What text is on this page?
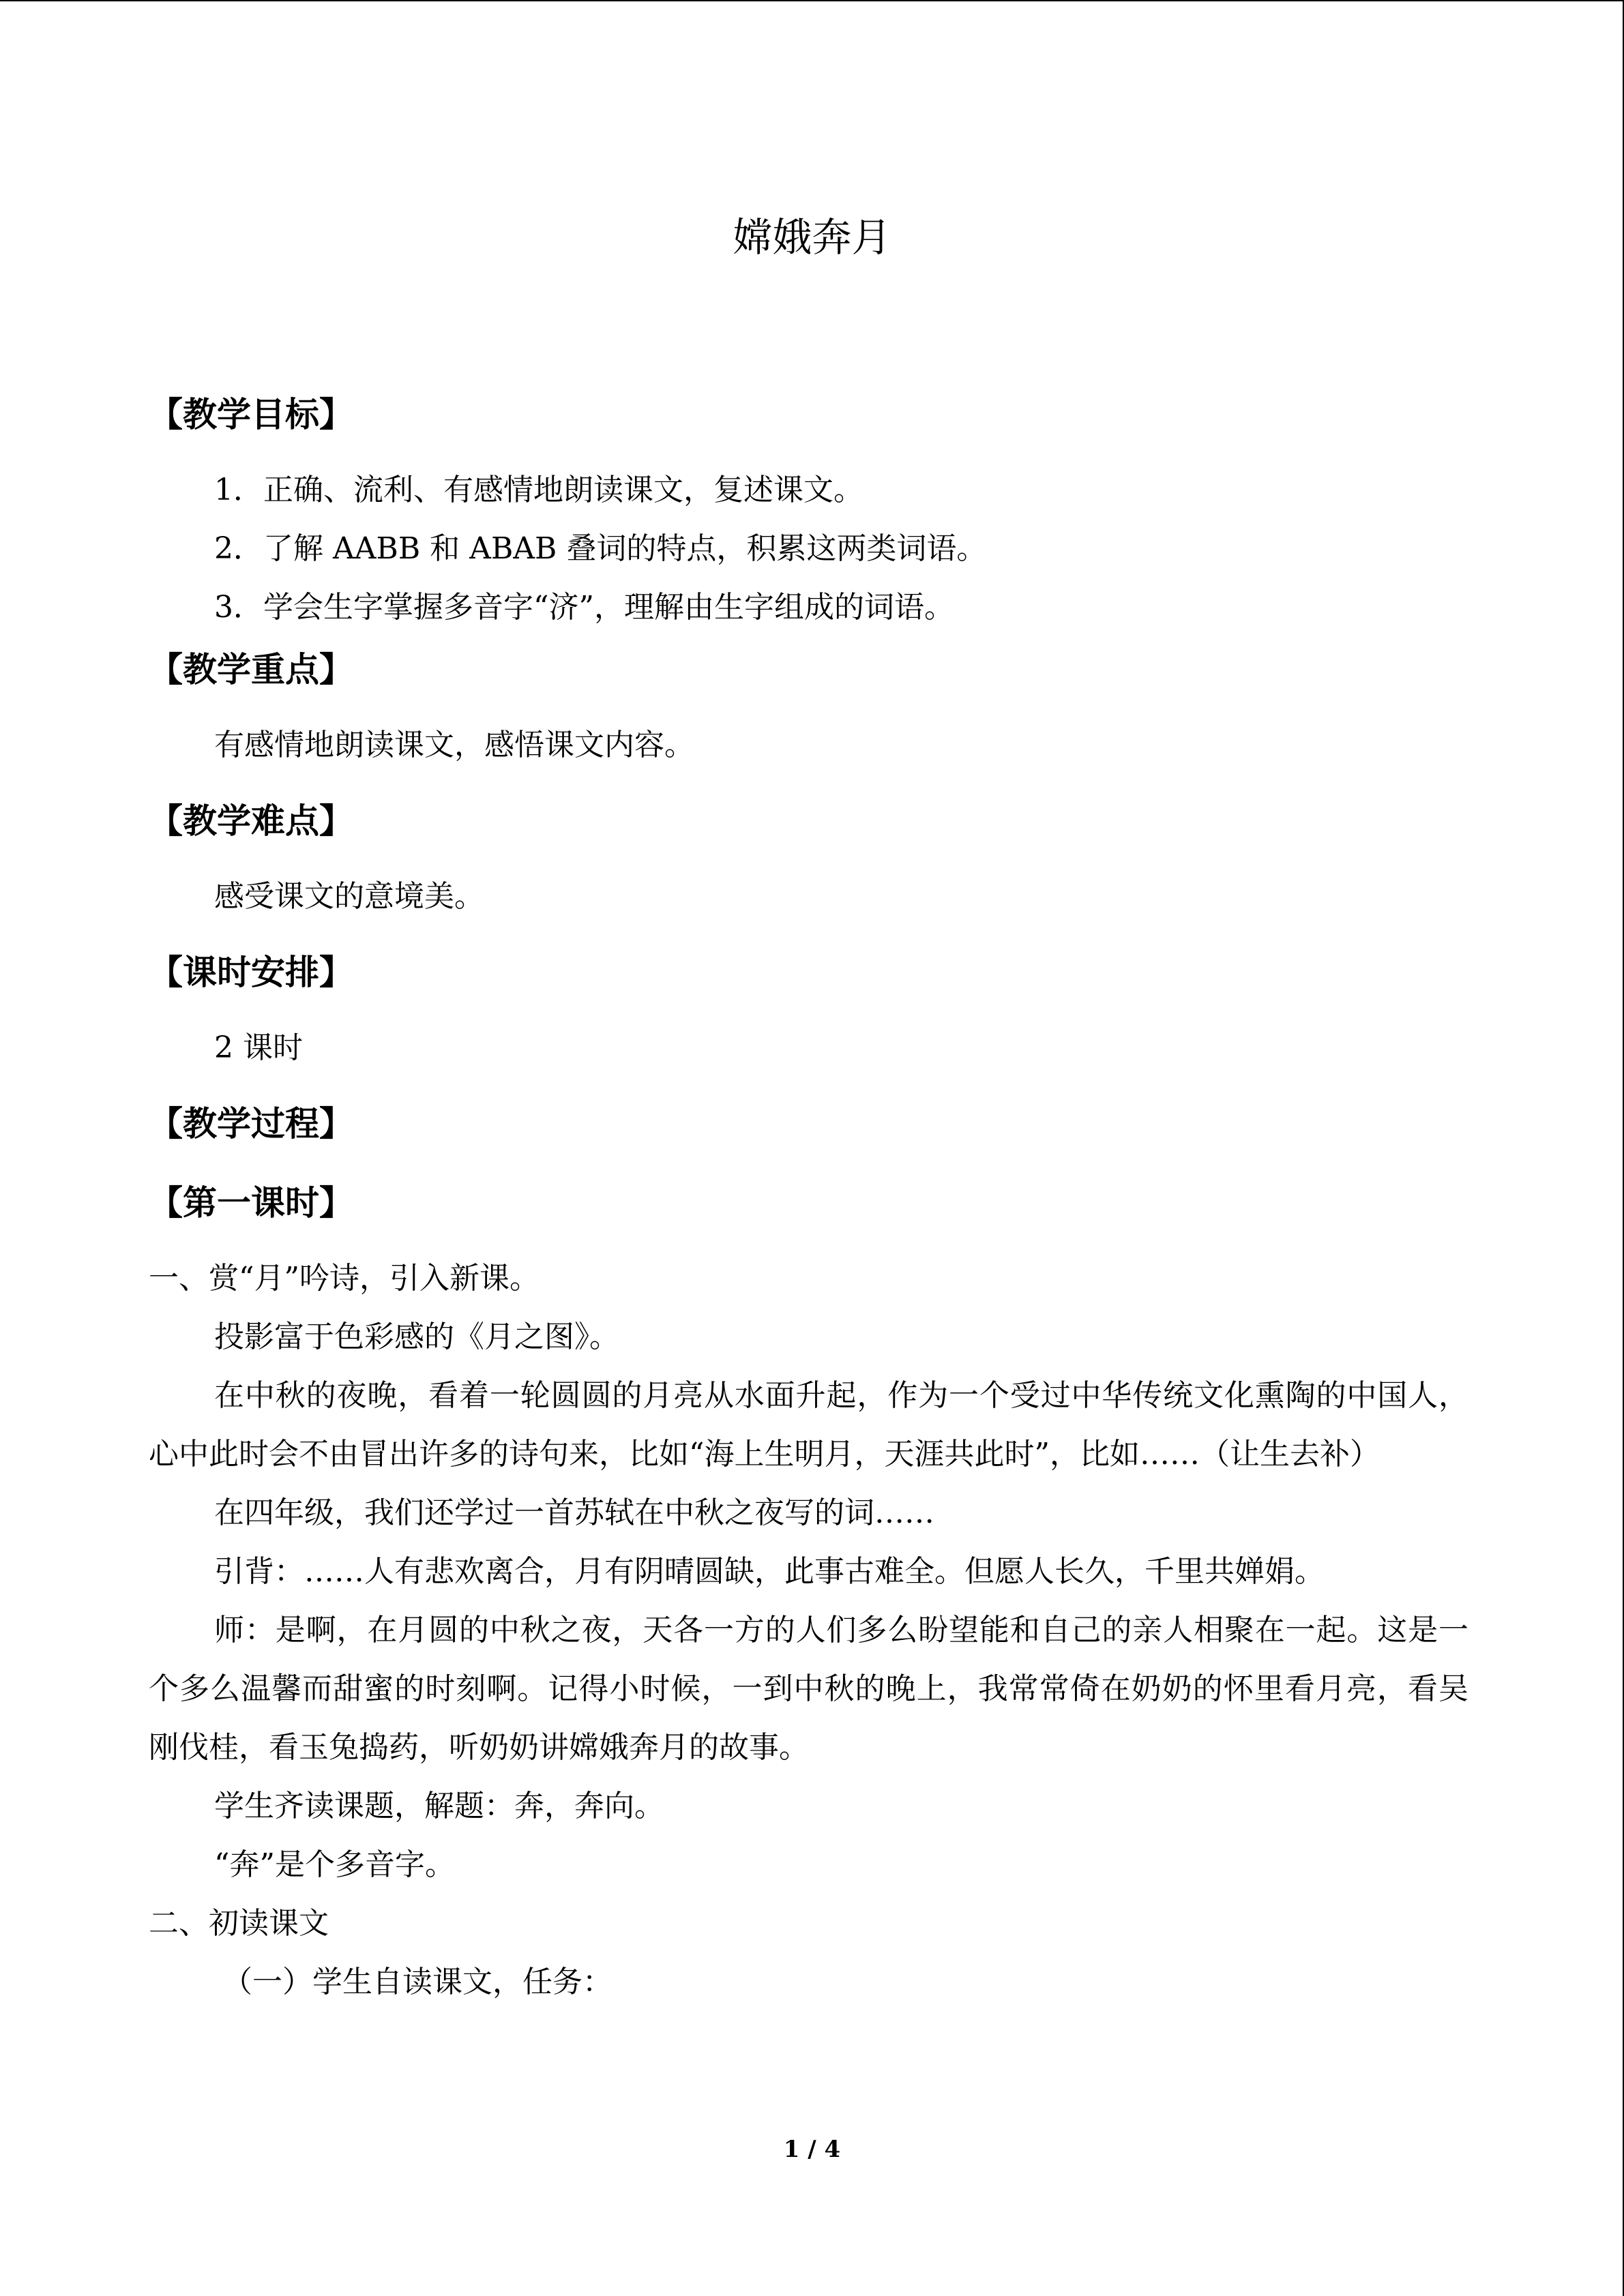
嫦娥奔月
【教学目标】
1．正确、流利、有感情地朗读课文，复述课文。
2．了解 AABB 和 ABAB 叠词的特点，积累这两类词语。
3．学会生字掌握多音字“济”，理解由生字组成的词语。
【教学重点】
有感情地朗读课文，感悟课文内容。
【教学难点】
感受课文的意境美。
【课时安排】
2 课时
【教学过程】
【第一课时】
一、赏“月”吟诗，引入新课。
投影富于色彩感的《月之图》。
在中秋的夜晚，看着一轮圆圆的月亮从水面升起，作为一个受过中华传统文化熏陶的中国人，心中此时会不由冒出许多的诗句来，比如“海上生明月，天涯共此时”，比如……（让生去补）
在四年级，我们还学过一首苏轼在中秋之夜写的词……
引背：……人有悲欢离合，月有阴晴圆缺，此事古难全。但愿人长久，千里共婵娟。
师：是啊，在月圆的中秋之夜，天各一方的人们多么盼望能和自己的亲人相聚在一起。这是一个多么温馨而甜蜜的时刻啊。记得小时候，一到中秋的晚上，我常常倚在奶奶的怀里看月亮，看吴刚伐桂，看玉兔捣药，听奶奶讲嫦娥奔月的故事。
学生齐读课题，解题：奔，奔向。
“奔”是个多音字。
二、初读课文
（一）学生自读课文，任务：
1 / 4
